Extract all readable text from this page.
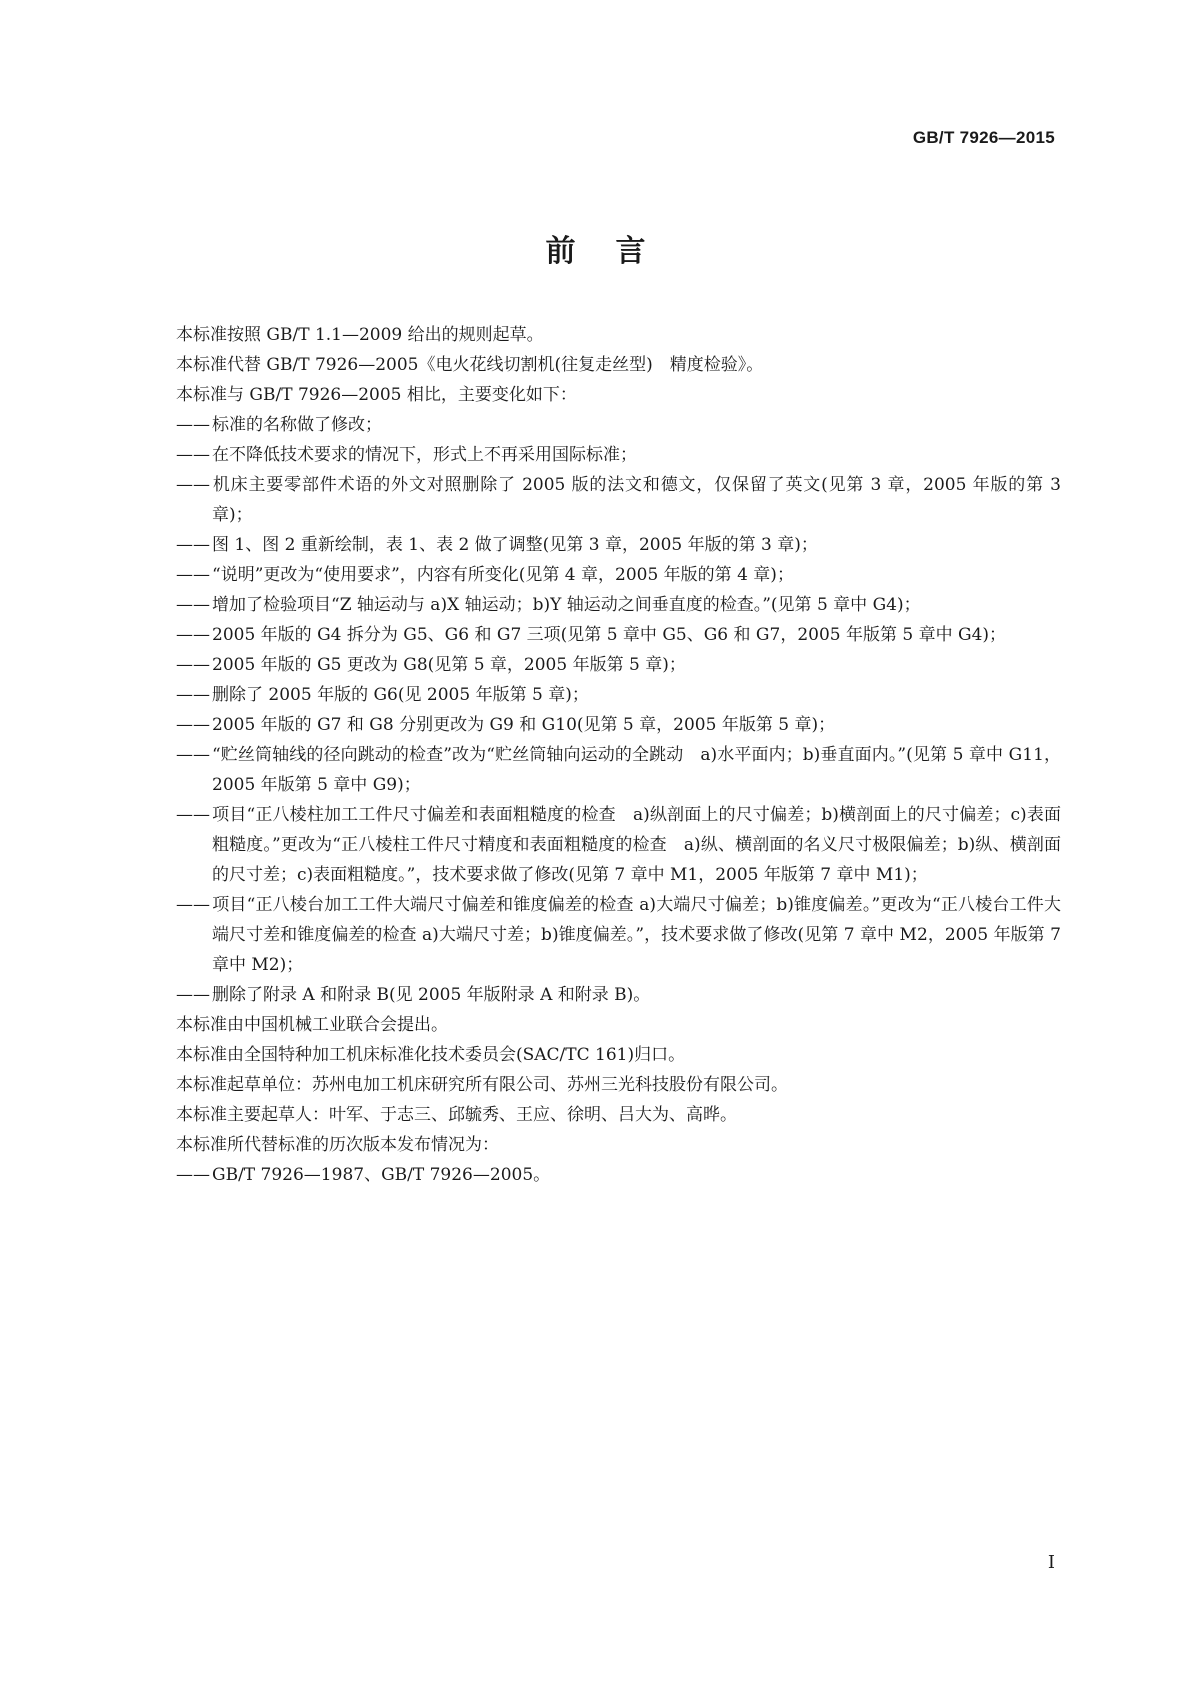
GB/T 7926—2015
前言

本标准按照 GB/T 1.1—2009 给出的规则起草。

本标准代替 GB/T 7926—2005《电火花线切割机(往复走丝型)　精度检验》。

本标准与 GB/T 7926—2005 相比，主要变化如下：

—— 标准的名称做了修改；

—— 在不降低技术要求的情况下，形式上不再采用国际标准；

—— 机床主要零部件术语的外文对照删除了 2005 版的法文和德文，仅保留了英文(见第 3 章，2005 年版的第 3 章)；

—— 图 1、图 2 重新绘制，表 1、表 2 做了调整(见第 3 章，2005 年版的第 3 章)；

—— “说明”更改为“使用要求”，内容有所变化(见第 4 章，2005 年版的第 4 章)；

—— 增加了检验项目“Z 轴运动与 a)X 轴运动；b)Y 轴运动之间垂直度的检查。”(见第 5 章中 G4)；

—— 2005 年版的 G4 拆分为 G5、G6 和 G7 三项(见第 5 章中 G5、G6 和 G7，2005 年版第 5 章中 G4)；

—— 2005 年版的 G5 更改为 G8(见第 5 章，2005 年版第 5 章)；

—— 删除了 2005 年版的 G6(见 2005 年版第 5 章)；

—— 2005 年版的 G7 和 G8 分别更改为 G9 和 G10(见第 5 章，2005 年版第 5 章)；

—— “贮丝筒轴线的径向跳动的检查”改为“贮丝筒轴向运动的全跳动　a)水平面内；b)垂直面内。”(见第 5 章中 G11，2005 年版第 5 章中 G9)；

—— 项目“正八棱柱加工工件尺寸偏差和表面粗糙度的检查　a)纵剖面上的尺寸偏差；b)横剖面上的尺寸偏差；c)表面粗糙度。”更改为“正八棱柱工件尺寸精度和表面粗糙度的检查　a)纵、横剖面的名义尺寸极限偏差；b)纵、横剖面的尺寸差；c)表面粗糙度。”，技术要求做了修改(见第 7 章中 M1，2005 年版第 7 章中 M1)；

—— 项目“正八棱台加工工件大端尺寸偏差和锥度偏差的检查 a)大端尺寸偏差；b)锥度偏差。”更改为“正八棱台工件大端尺寸差和锥度偏差的检查 a)大端尺寸差；b)锥度偏差。”，技术要求做了修改(见第 7 章中 M2，2005 年版第 7 章中 M2)；

—— 删除了附录 A 和附录 B(见 2005 年版附录 A 和附录 B)。

本标准由中国机械工业联合会提出。

本标准由全国特种加工机床标准化技术委员会(SAC/TC 161)归口。

本标准起草单位：苏州电加工机床研究所有限公司、苏州三光科技股份有限公司。

本标准主要起草人：叶军、于志三、邱毓秀、王应、徐明、吕大为、高晔。

本标准所代替标准的历次版本发布情况为：

—— GB/T 7926—1987、GB/T 7926—2005。

I
